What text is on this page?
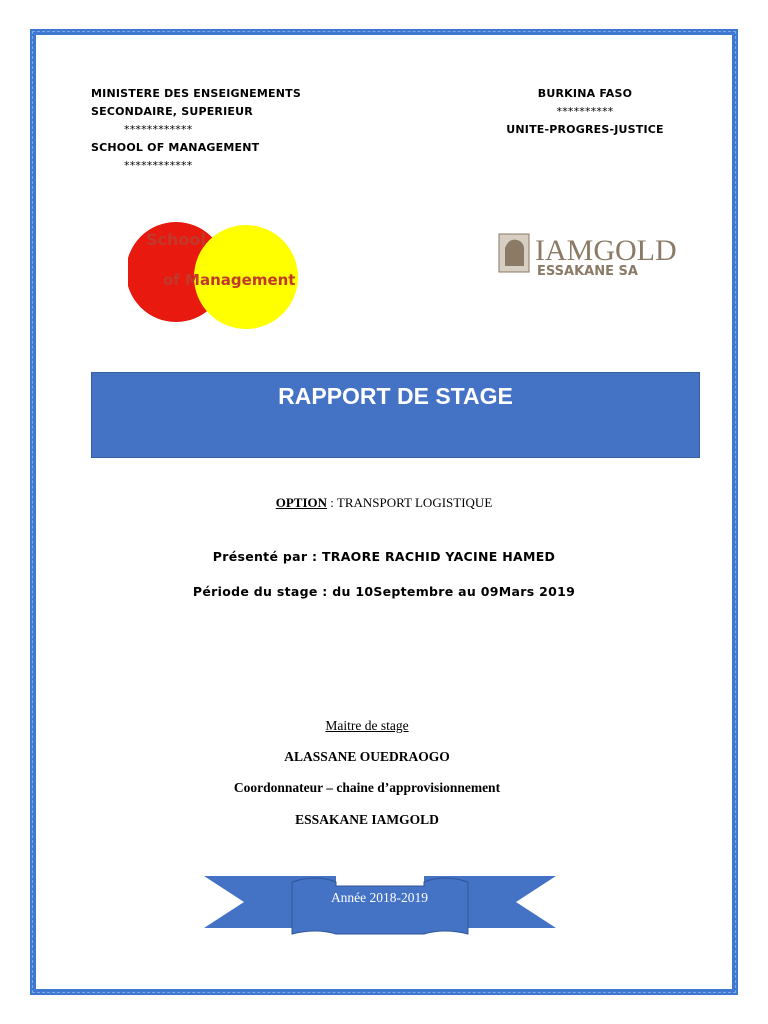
MINISTERE DES ENSEIGNEMENTS
SECONDAIRE, SUPERIEUR
************
SCHOOL OF MANAGEMENT
************
BURKINA FASO
**********
UNITE-PROGRES-JUSTICE
School
of Management
IAMGOLD
ESSAKANE SA
RAPPORT DE STAGE
OPTION : TRANSPORT LOGISTIQUE
Présenté par : TRAORE RACHID YACINE HAMED
Période du stage : du 10Septembre au 09Mars 2019
Maitre de stage
ALASSANE OUEDRAOGO
Coordonnateur – chaine d’approvisionnement
ESSAKANE IAMGOLD
Année 2018-2019
